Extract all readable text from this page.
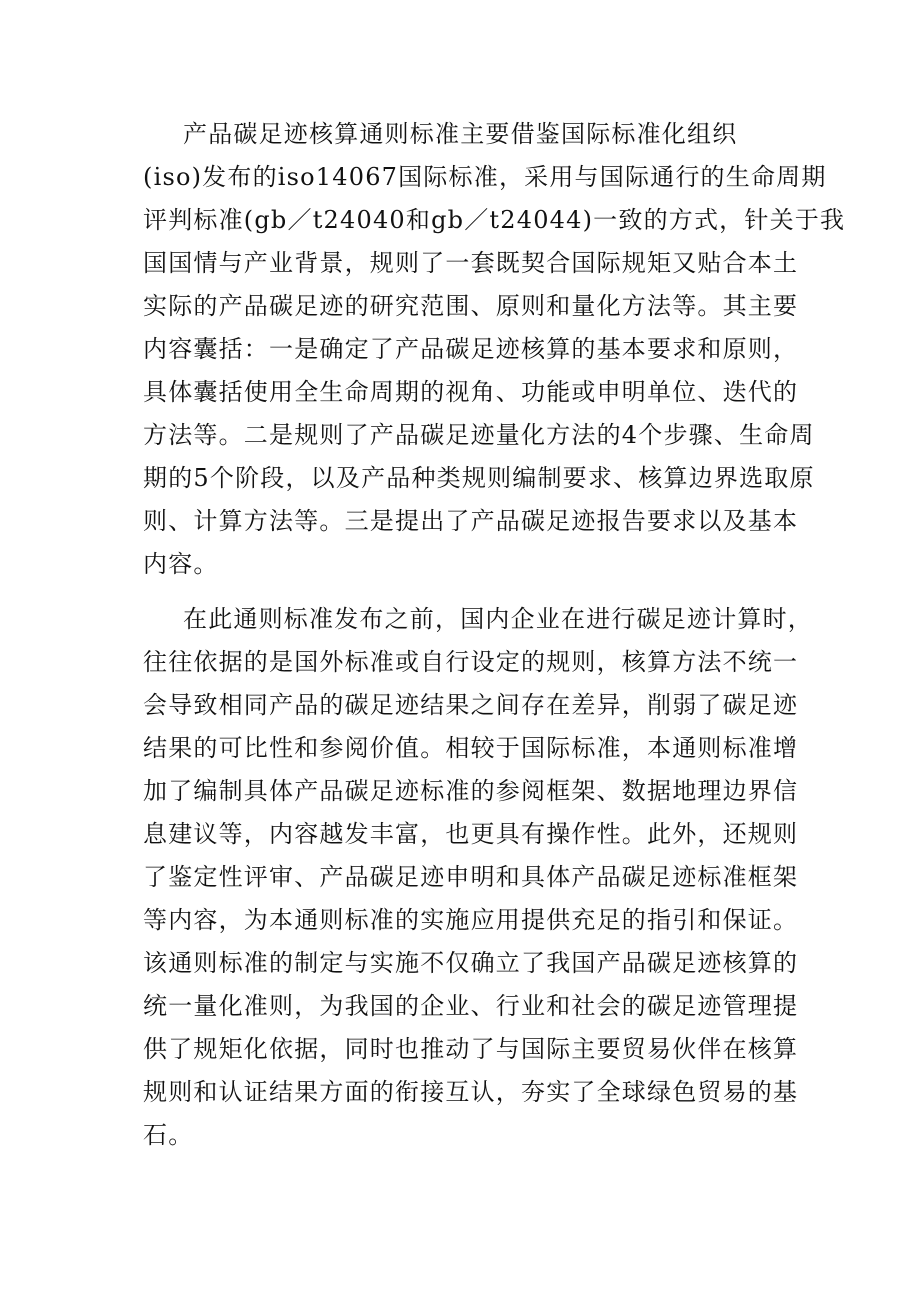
产品碳足迹核算通则标准主要借鉴国际标准化组织
(iso)发布的iso14067国际标准，采用与国际通行的生命周期
评判标准(gb／t24040和gb／t24044)一致的方式，针关于我
国国情与产业背景，规则了一套既契合国际规矩又贴合本土
实际的产品碳足迹的研究范围、原则和量化方法等。其主要
内容囊括：一是确定了产品碳足迹核算的基本要求和原则，
具体囊括使用全生命周期的视角、功能或申明单位、迭代的
方法等。二是规则了产品碳足迹量化方法的4个步骤、生命周
期的5个阶段，以及产品种类规则编制要求、核算边界选取原
则、计算方法等。三是提出了产品碳足迹报告要求以及基本
内容。
在此通则标准发布之前，国内企业在进行碳足迹计算时，
往往依据的是国外标准或自行设定的规则，核算方法不统一
会导致相同产品的碳足迹结果之间存在差异，削弱了碳足迹
结果的可比性和参阅价值。相较于国际标准，本通则标准增
加了编制具体产品碳足迹标准的参阅框架、数据地理边界信
息建议等，内容越发丰富，也更具有操作性。此外，还规则
了鉴定性评审、产品碳足迹申明和具体产品碳足迹标准框架
等内容，为本通则标准的实施应用提供充足的指引和保证。
该通则标准的制定与实施不仅确立了我国产品碳足迹核算的
统一量化准则，为我国的企业、行业和社会的碳足迹管理提
供了规矩化依据，同时也推动了与国际主要贸易伙伴在核算
规则和认证结果方面的衔接互认，夯实了全球绿色贸易的基
石。
